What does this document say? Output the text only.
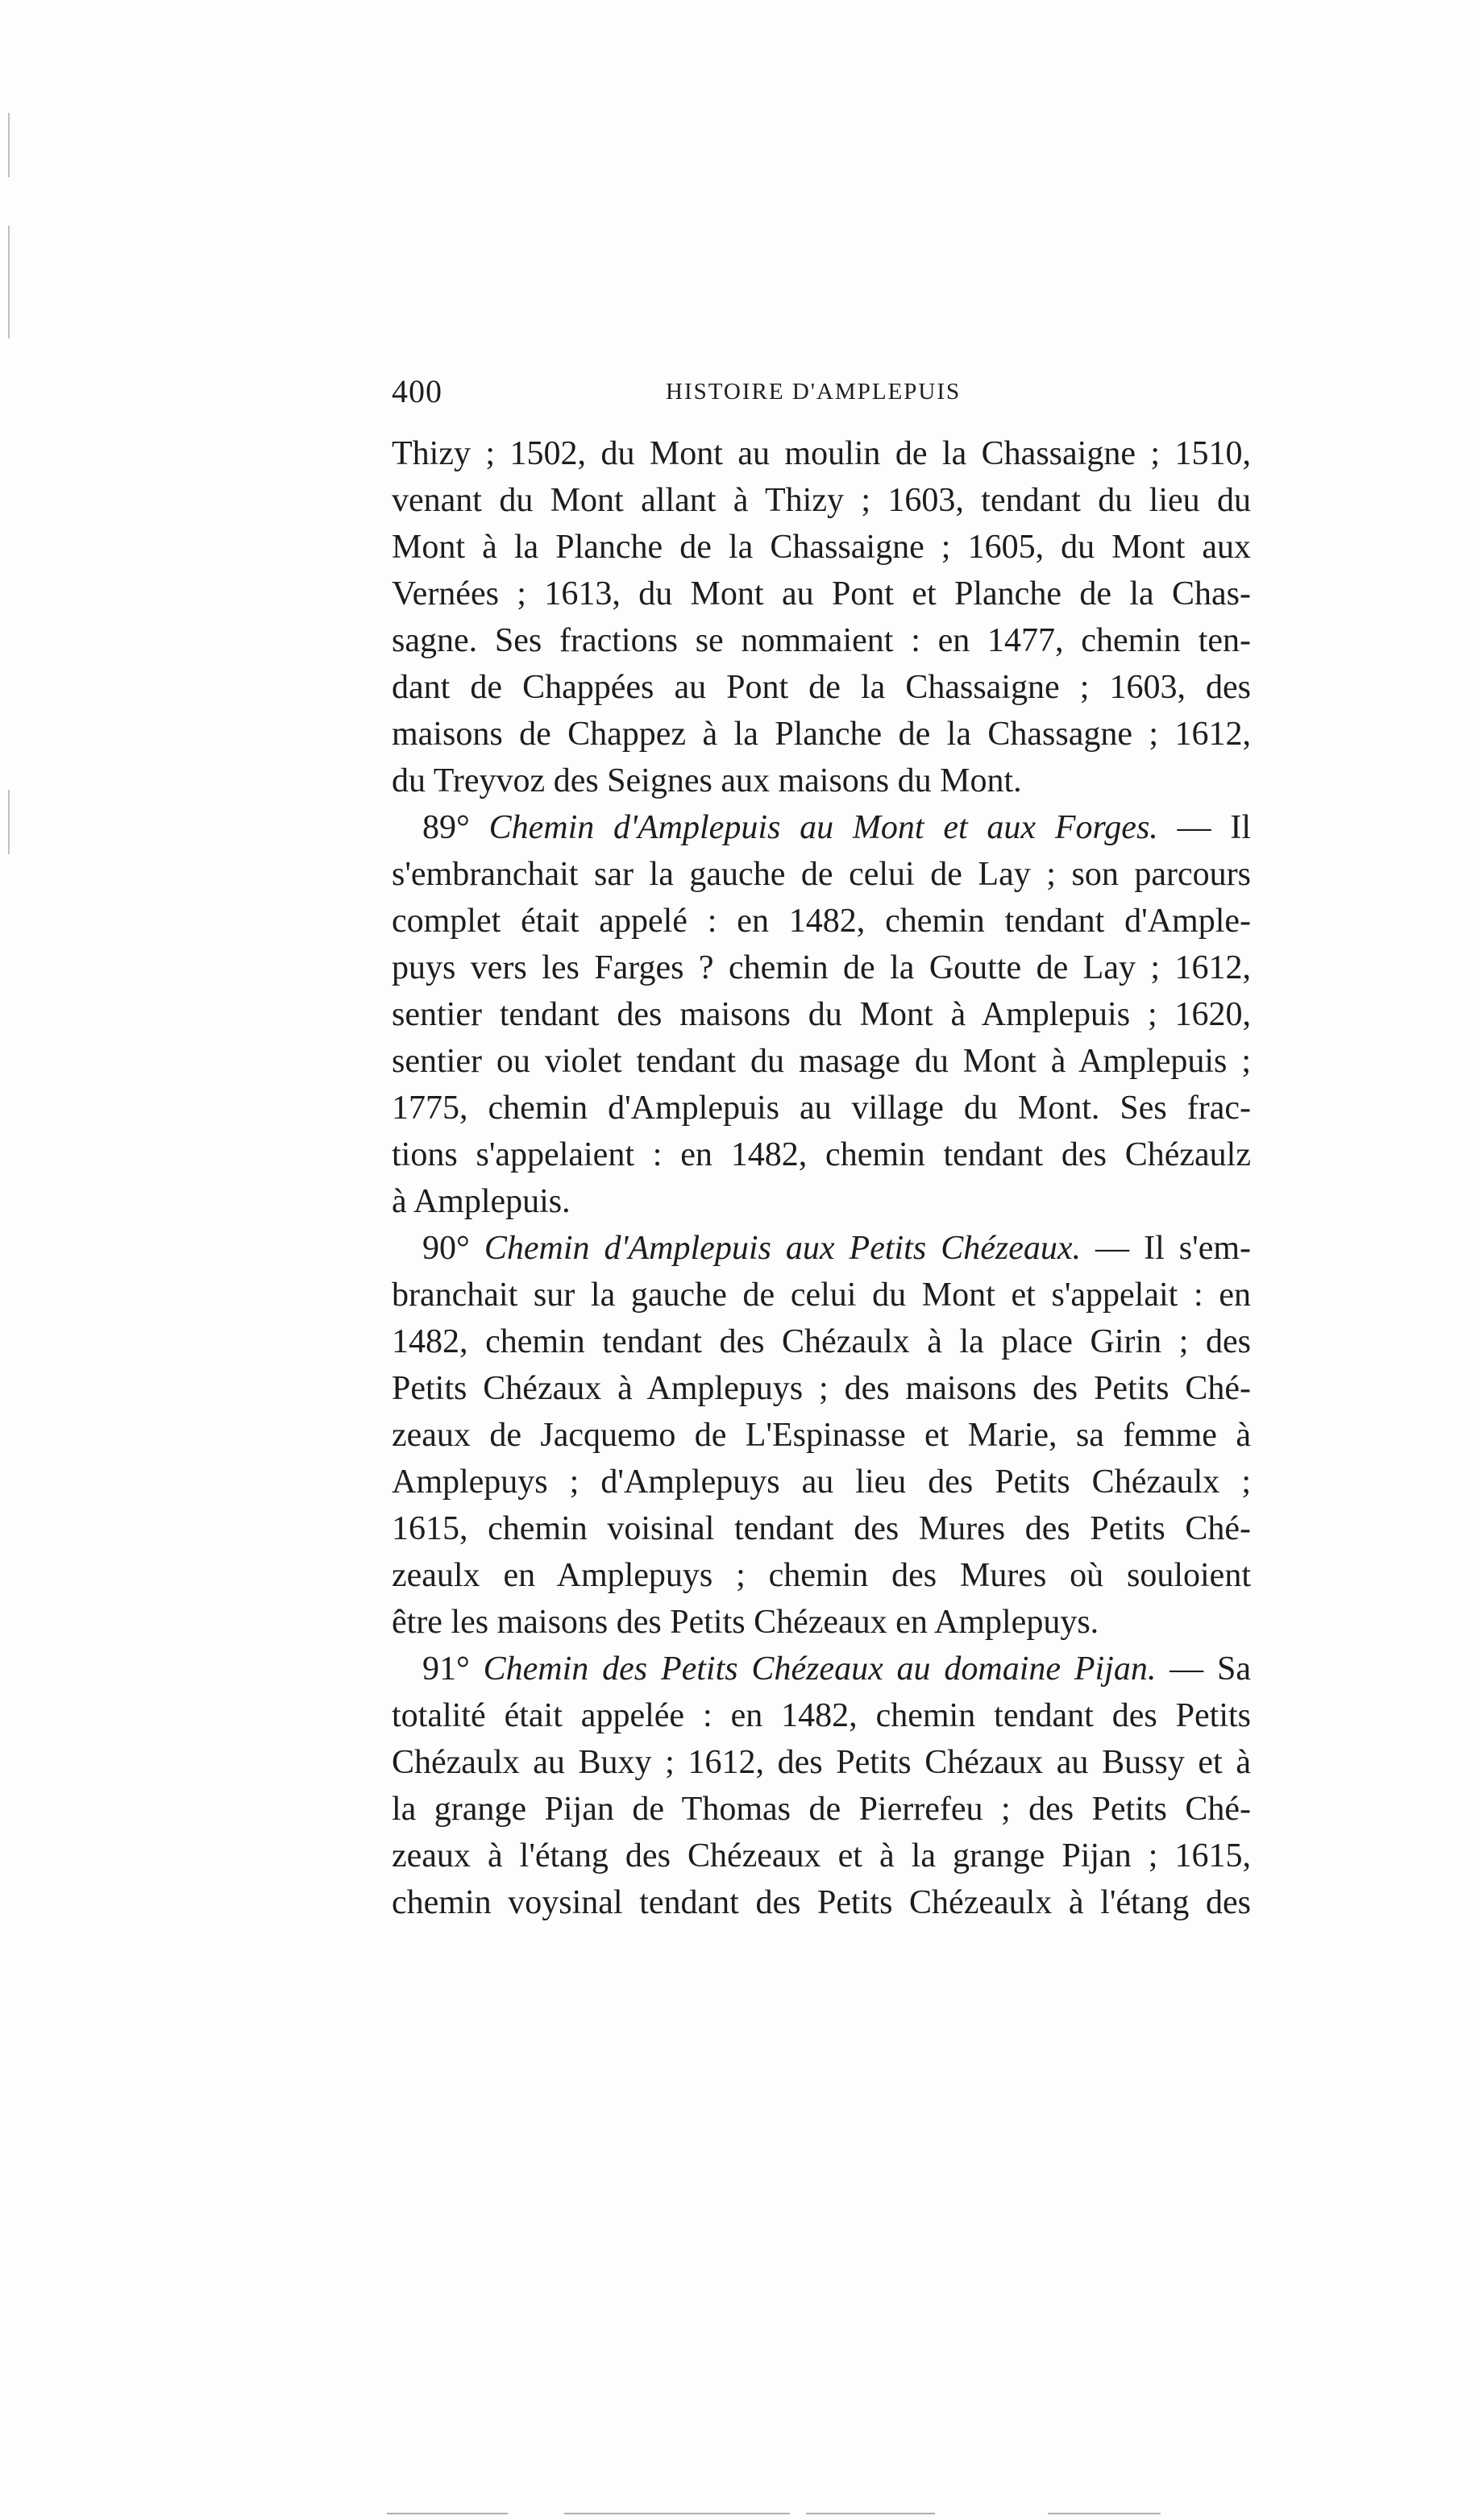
400	HISTOIRE D'AMPLEPUIS
Thizy ; 1502, du Mont au moulin de la Chassaigne ; 1510,
venant du Mont allant à Thizy ; 1603, tendant du lieu du
Mont à la Planche de la Chassaigne ; 1605, du Mont aux
Vernées ; 1613, du Mont au Pont et Planche de la Chas-
sagne. Ses fractions se nommaient : en 1477, chemin ten-
dant de Chappées au Pont de la Chassaigne ; 1603, des
maisons de Chappez à la Planche de la Chassagne ; 1612,
du Treyvoz des Seignes aux maisons du Mont.
89° Chemin d'Amplepuis au Mont et aux Forges. — Il
s'embranchait sar la gauche de celui de Lay ; son parcours
complet était appelé : en 1482, chemin tendant d'Ample-
puys vers les Farges ? chemin de la Goutte de Lay ; 1612,
sentier tendant des maisons du Mont à Amplepuis ; 1620,
sentier ou violet tendant du masage du Mont à Amplepuis ;
1775, chemin d'Amplepuis au village du Mont. Ses frac-
tions s'appelaient : en 1482, chemin tendant des Chézaulz
à Amplepuis.
90° Chemin d'Amplepuis aux Petits Chézeaux. — Il s'em-
branchait sur la gauche de celui du Mont et s'appelait : en
1482, chemin tendant des Chézaulx à la place Girin ; des
Petits Chézaux à Amplepuys ; des maisons des Petits Ché-
zeaux de Jacquemo de L'Espinasse et Marie, sa femme à
Amplepuys ; d'Amplepuys au lieu des Petits Chézaulx ;
1615, chemin voisinal tendant des Mures des Petits Ché-
zeaulx en Amplepuys ; chemin des Mures où souloient
être les maisons des Petits Chézeaux en Amplepuys.
91° Chemin des Petits Chézeaux au domaine Pijan. — Sa
totalité était appelée : en 1482, chemin tendant des Petits
Chézaulx au Buxy ; 1612, des Petits Chézaux au Bussy et à
la grange Pijan de Thomas de Pierrefeu ; des Petits Ché-
zeaux à l'étang des Chézeaux et à la grange Pijan ; 1615,
chemin voysinal tendant des Petits Chézeaulx à l'étang des
